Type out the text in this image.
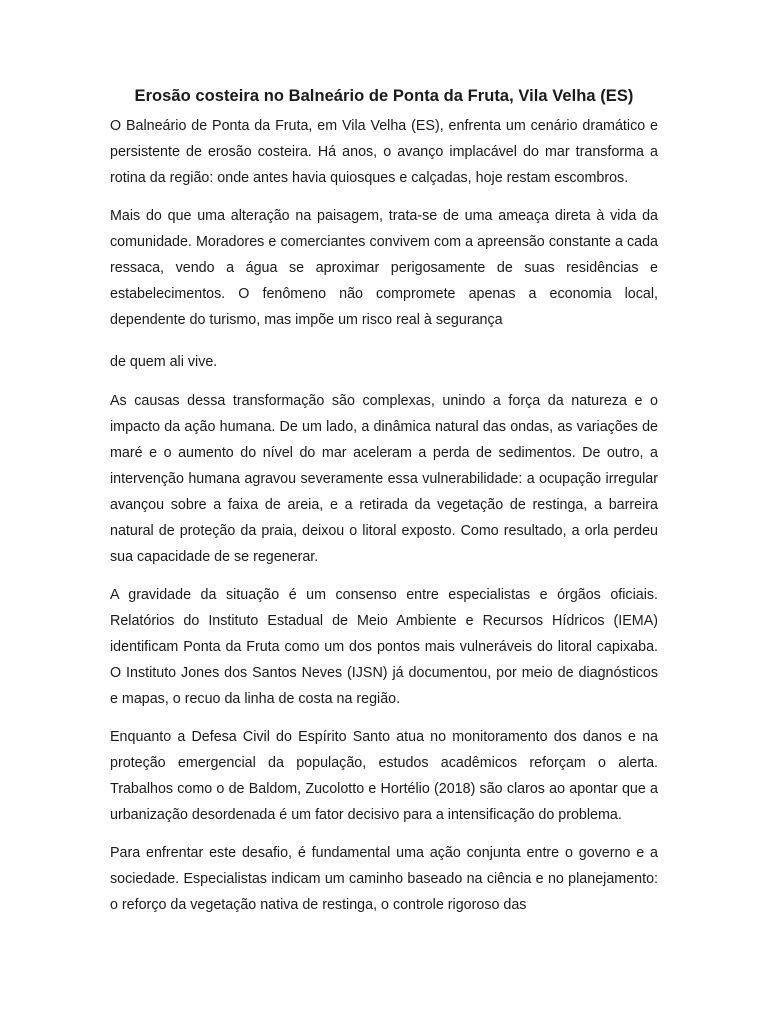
Erosão costeira no Balneário de Ponta da Fruta, Vila Velha (ES)

O Balneário de Ponta da Fruta, em Vila Velha (ES), enfrenta um cenário dramático e persistente de erosão costeira. Há anos, o avanço implacável do mar transforma a rotina da região: onde antes havia quiosques e calçadas, hoje restam escombros.

Mais do que uma alteração na paisagem, trata-se de uma ameaça direta à vida da comunidade. Moradores e comerciantes convivem com a apreensão constante a cada ressaca, vendo a água se aproximar perigosamente de suas residências e estabelecimentos. O fenômeno não compromete apenas a economia local, dependente do turismo, mas impõe um risco real à segurança

de quem ali vive.

As causas dessa transformação são complexas, unindo a força da natureza e o impacto da ação humana. De um lado, a dinâmica natural das ondas, as variações de maré e o aumento do nível do mar aceleram a perda de sedimentos. De outro, a intervenção humana agravou severamente essa vulnerabilidade: a ocupação irregular avançou sobre a faixa de areia, e a retirada da vegetação de restinga, a barreira natural de proteção da praia, deixou o litoral exposto. Como resultado, a orla perdeu sua capacidade de se regenerar.

A gravidade da situação é um consenso entre especialistas e órgãos oficiais. Relatórios do Instituto Estadual de Meio Ambiente e Recursos Hídricos (IEMA) identificam Ponta da Fruta como um dos pontos mais vulneráveis do litoral capixaba. O Instituto Jones dos Santos Neves (IJSN) já documentou, por meio de diagnósticos e mapas, o recuo da linha de costa na região.

Enquanto a Defesa Civil do Espírito Santo atua no monitoramento dos danos e na proteção emergencial da população, estudos acadêmicos reforçam o alerta. Trabalhos como o de Baldom, Zucolotto e Hortélio (2018) são claros ao apontar que a urbanização desordenada é um fator decisivo para a intensificação do problema.

Para enfrentar este desafio, é fundamental uma ação conjunta entre o governo e a sociedade. Especialistas indicam um caminho baseado na ciência e no planejamento: o reforço da vegetação nativa de restinga, o controle rigoroso das
